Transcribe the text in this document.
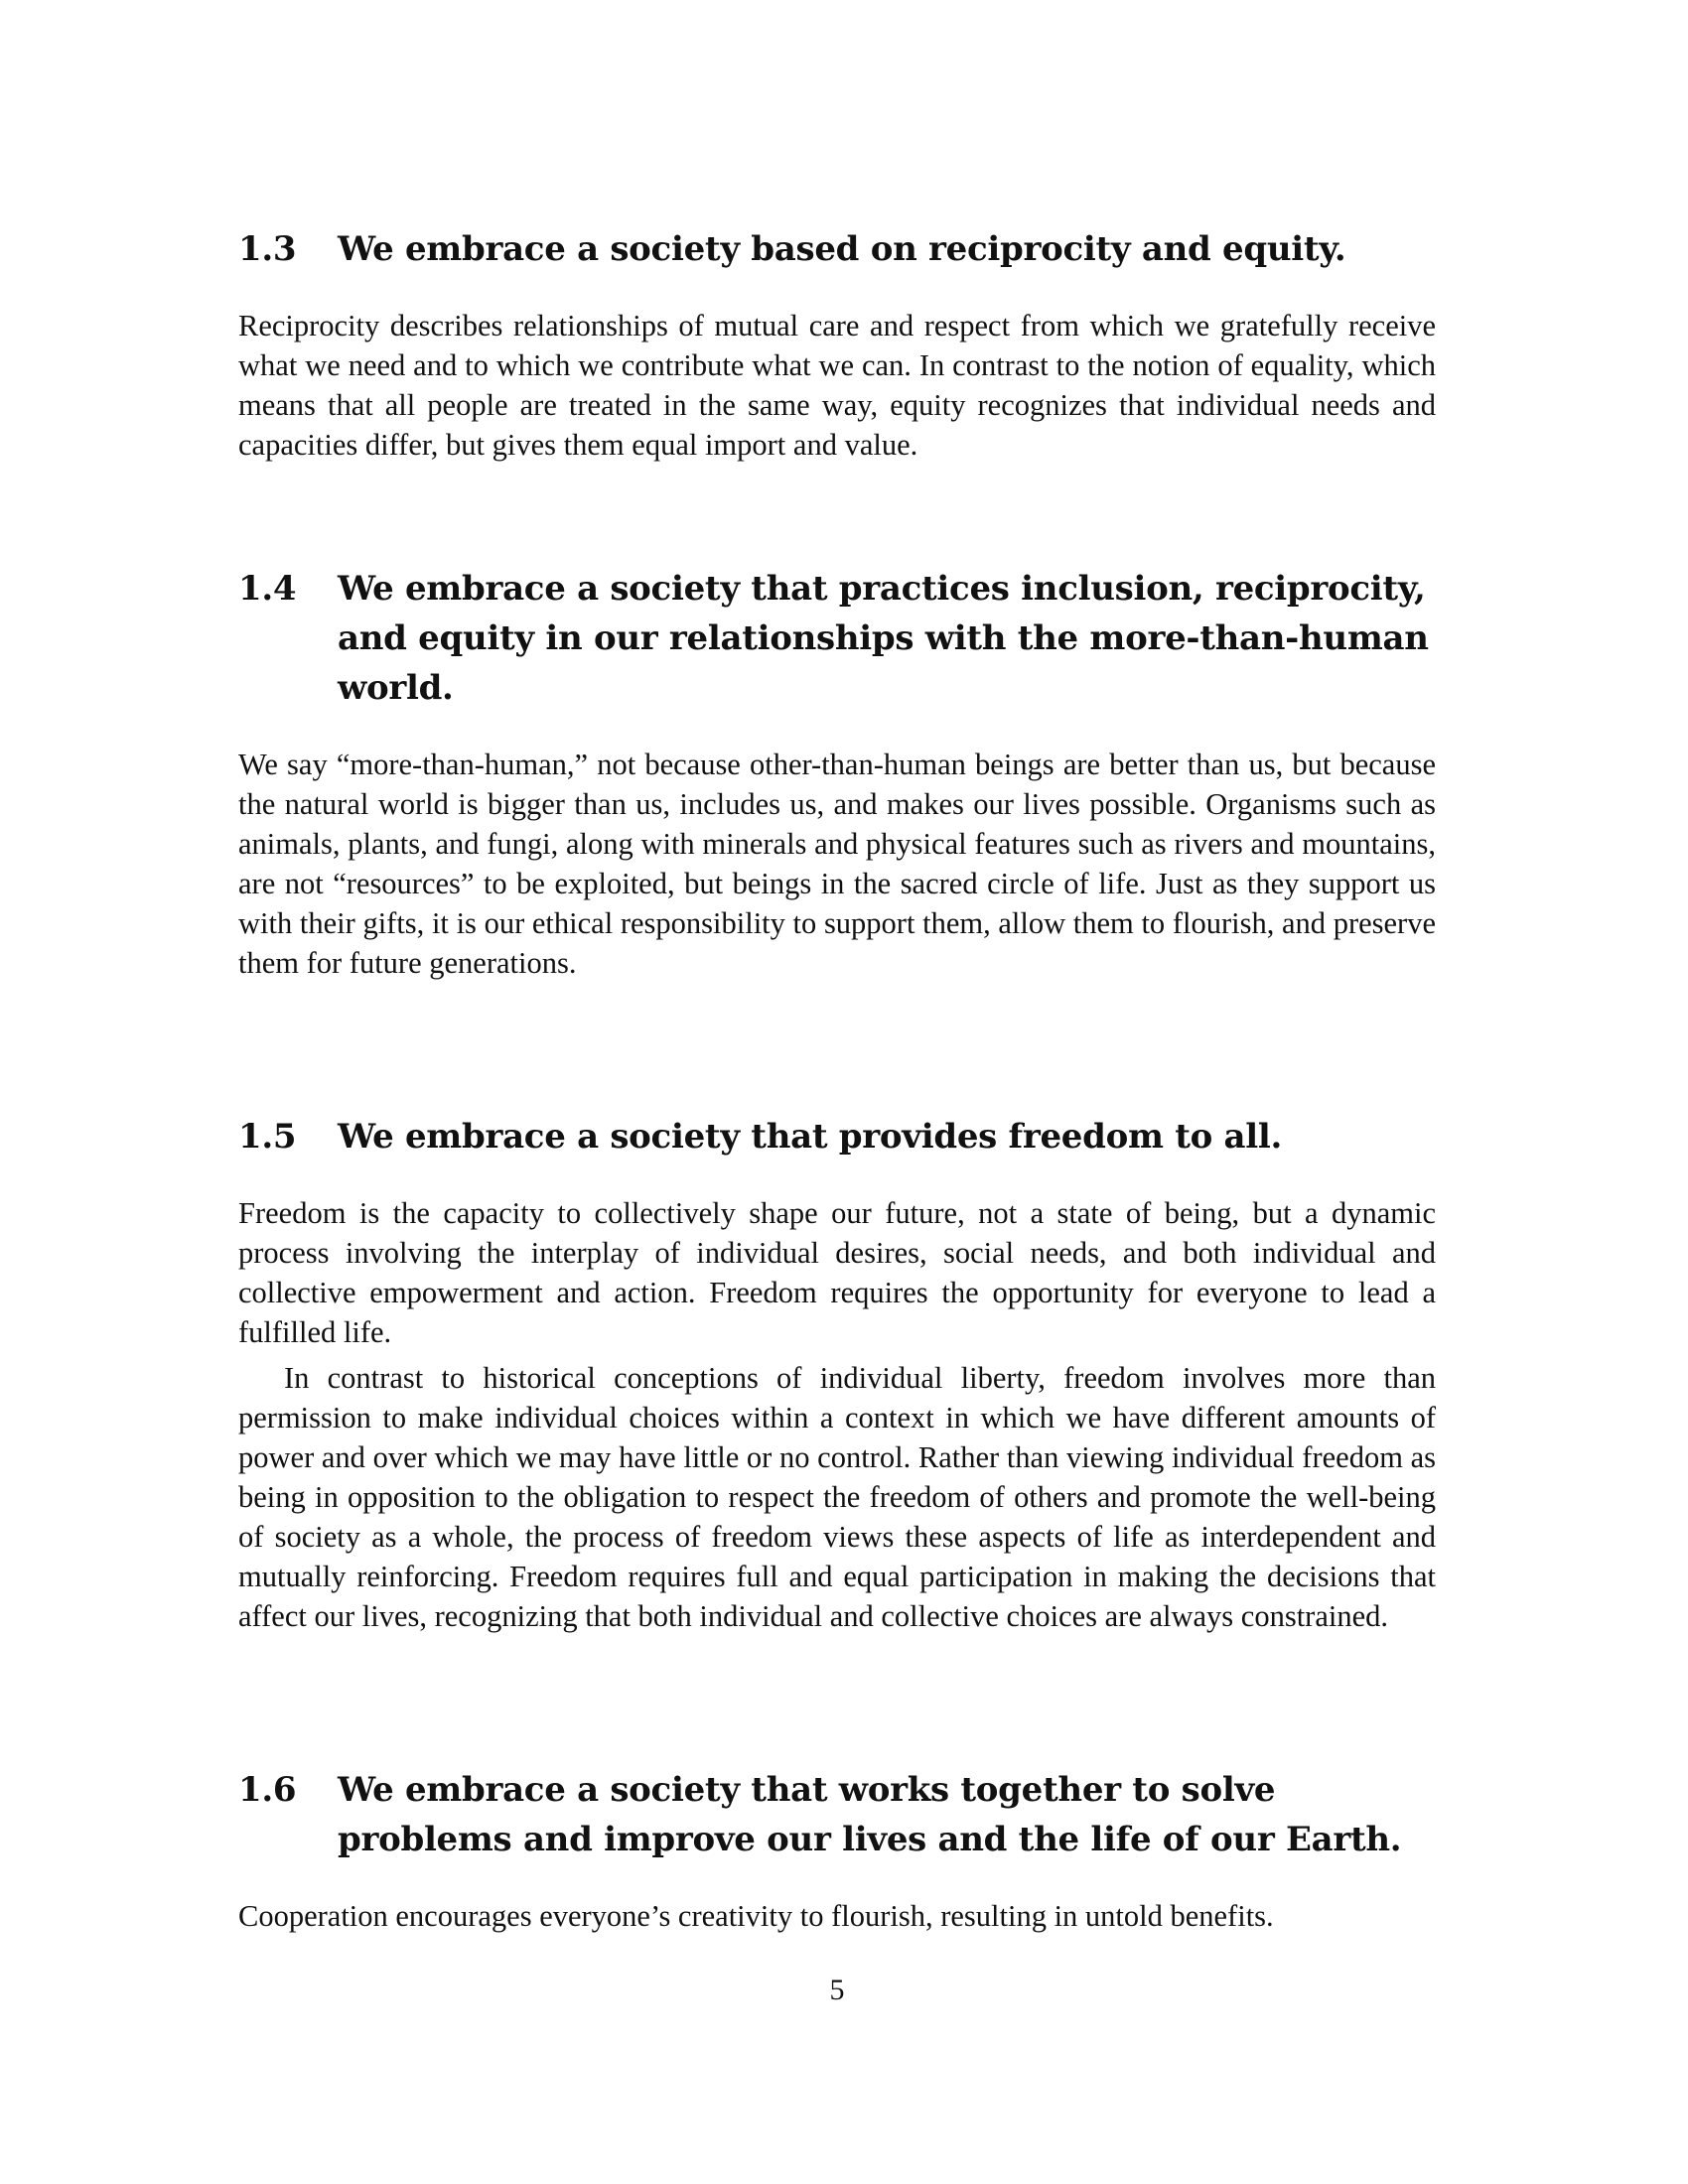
1.3	We embrace a society based on reciprocity and equity.

Reciprocity describes relationships of mutual care and respect from which we gratefully receive what we need and to which we contribute what we can. In contrast to the notion of equality, which means that all people are treated in the same way, equity recognizes that individual needs and capacities differ, but gives them equal import and value.

1.4	We embrace a society that practices inclusion, reciprocity, and equity in our relationships with the more-than-human world.

We say “more-than-human,” not because other-than-human beings are better than us, but because the natural world is bigger than us, includes us, and makes our lives possible. Organisms such as animals, plants, and fungi, along with minerals and physical features such as rivers and mountains, are not “resources” to be exploited, but beings in the sacred circle of life. Just as they support us with their gifts, it is our ethical responsibility to support them, allow them to flourish, and preserve them for future generations.

1.5	We embrace a society that provides freedom to all.

Freedom is the capacity to collectively shape our future, not a state of being, but a dynamic process involving the interplay of individual desires, social needs, and both individual and collective empowerment and action. Freedom requires the opportunity for everyone to lead a fulfilled life.

In contrast to historical conceptions of individual liberty, freedom involves more than permission to make individual choices within a context in which we have different amounts of power and over which we may have little or no control. Rather than viewing individual freedom as being in opposition to the obligation to respect the freedom of others and promote the well-being of society as a whole, the process of freedom views these aspects of life as interdependent and mutually reinforcing. Freedom requires full and equal participation in making the decisions that affect our lives, recognizing that both individual and collective choices are always constrained.

1.6	We embrace a society that works together to solve problems and improve our lives and the life of our Earth.

Cooperation encourages everyone’s creativity to flourish, resulting in untold benefits.

5
